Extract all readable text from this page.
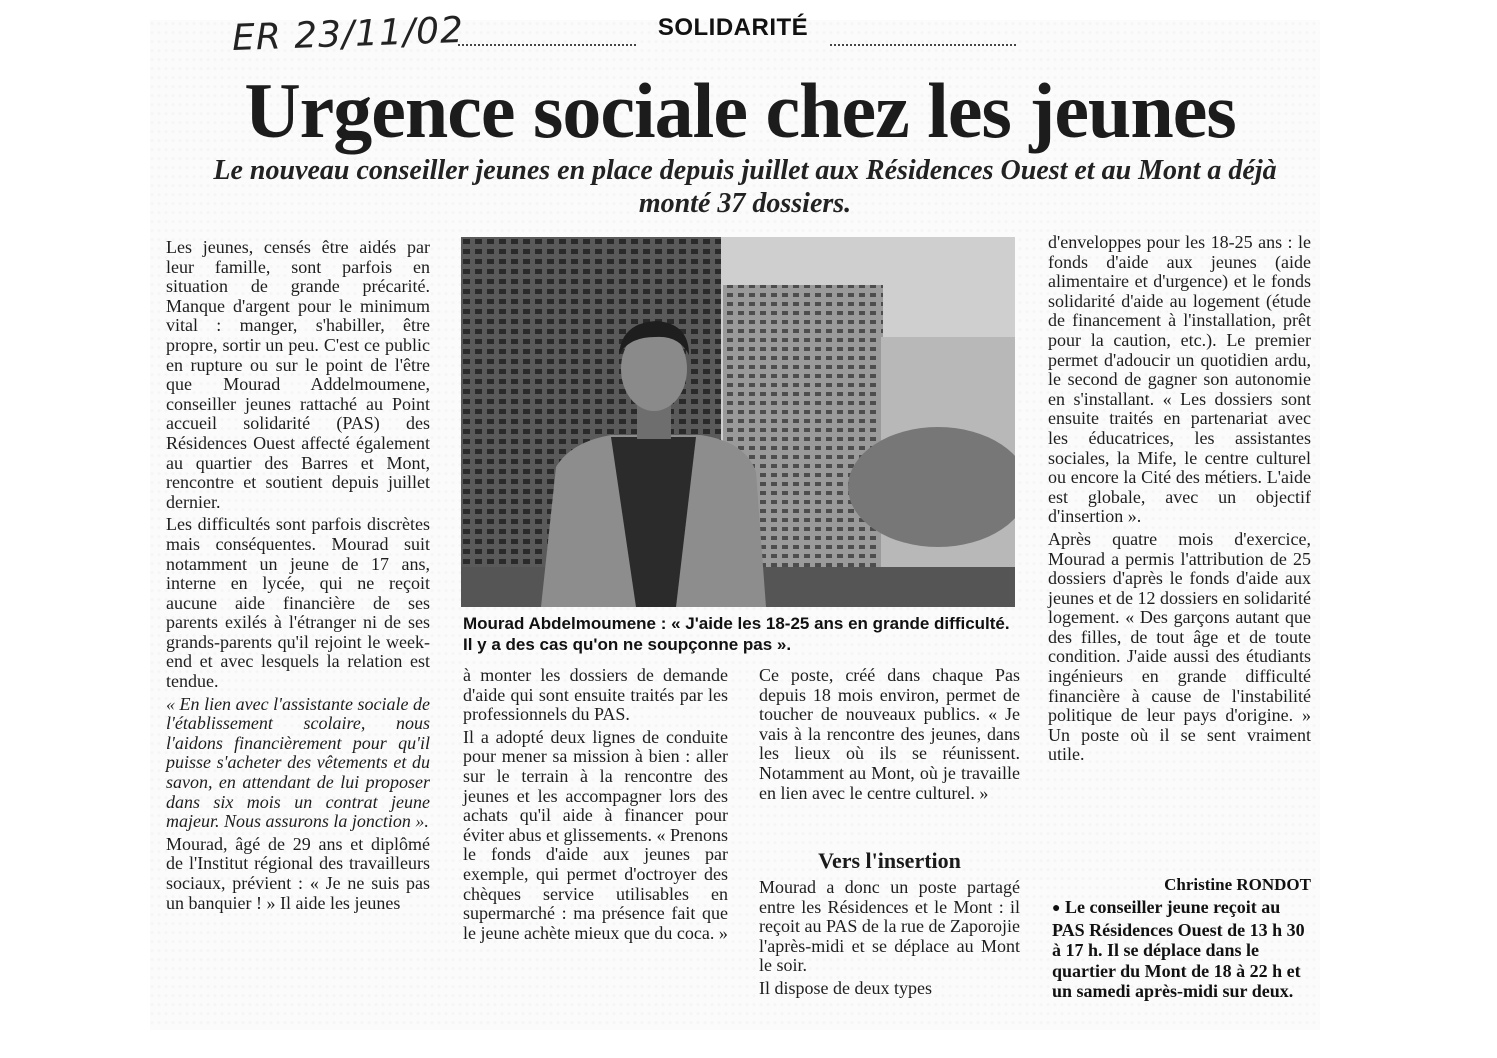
ER 23/11/02	SOLIDARITÉ
Urgence sociale chez les jeunes
Le nouveau conseiller jeunes en place depuis juillet aux Résidences Ouest et au Mont a déjà monté 37 dossiers.

Les jeunes, censés être aidés par leur famille, sont parfois en situation de grande précarité. Manque d'argent pour le minimum vital : manger, s'habiller, être propre, sortir un peu. C'est ce public en rupture ou sur le point de l'être que Mourad Addelmoumene, conseiller jeunes rattaché au Point accueil solidarité (PAS) des Résidences Ouest affecté également au quartier des Barres et Mont, rencontre et soutient depuis juillet dernier.

Les difficultés sont parfois discrètes mais conséquentes. Mourad suit notamment un jeune de 17 ans, interne en lycée, qui ne reçoit aucune aide financière de ses parents exilés à l'étranger ni de ses grands-parents qu'il rejoint le week-end et avec lesquels la relation est tendue.

« En lien avec l'assistante sociale de l'établissement scolaire, nous l'aidons financièrement pour qu'il puisse s'acheter des vêtements et du savon, en attendant de lui proposer dans six mois un contrat jeune majeur. Nous assurons la jonction ».

Mourad, âgé de 29 ans et diplômé de l'Institut régional des travailleurs sociaux, prévient : « Je ne suis pas un banquier ! » Il aide les jeunes

Mourad Abdelmoumene : « J'aide les 18-25 ans en grande difficulté. Il y a des cas qu'on ne soupçonne pas ».

à monter les dossiers de demande d'aide qui sont ensuite traités par les professionnels du PAS.

Il a adopté deux lignes de conduite pour mener sa mission à bien : aller sur le terrain à la rencontre des jeunes et les accompagner lors des achats qu'il aide à financer pour éviter abus et glissements. « Prenons le fonds d'aide aux jeunes par exemple, qui permet d'octroyer des chèques service utilisables en supermarché : ma présence fait que le jeune achète mieux que du coca. »

Ce poste, créé dans chaque Pas depuis 18 mois environ, permet de toucher de nouveaux publics. « Je vais à la rencontre des jeunes, dans les lieux où ils se réunissent. Notamment au Mont, où je travaille en lien avec le centre culturel. »

Vers l'insertion

Mourad a donc un poste partagé entre les Résidences et le Mont : il reçoit au PAS de la rue de Zaporojie l'après-midi et se déplace au Mont le soir.

Il dispose de deux types

d'enveloppes pour les 18-25 ans : le fonds d'aide aux jeunes (aide alimentaire et d'urgence) et le fonds solidarité d'aide au logement (étude de financement à l'installation, prêt pour la caution, etc.). Le premier permet d'adoucir un quotidien ardu, le second de gagner son autonomie en s'installant. « Les dossiers sont ensuite traités en partenariat avec les éducatrices, les assistantes sociales, la Mife, le centre culturel ou encore la Cité des métiers. L'aide est globale, avec un objectif d'insertion ».

Après quatre mois d'exercice, Mourad a permis l'attribution de 25 dossiers d'après le fonds d'aide aux jeunes et de 12 dossiers en solidarité logement. « Des garçons autant que des filles, de tout âge et de toute condition. J'aide aussi des étudiants ingénieurs en grande difficulté financière à cause de l'instabilité politique de leur pays d'origine. » Un poste où il se sent vraiment utile.

Christine RONDOT
● Le conseiller jeune reçoit au PAS Résidences Ouest de 13 h 30 à 17 h. Il se déplace dans le quartier du Mont de 18 à 22 h et un samedi après-midi sur deux.
